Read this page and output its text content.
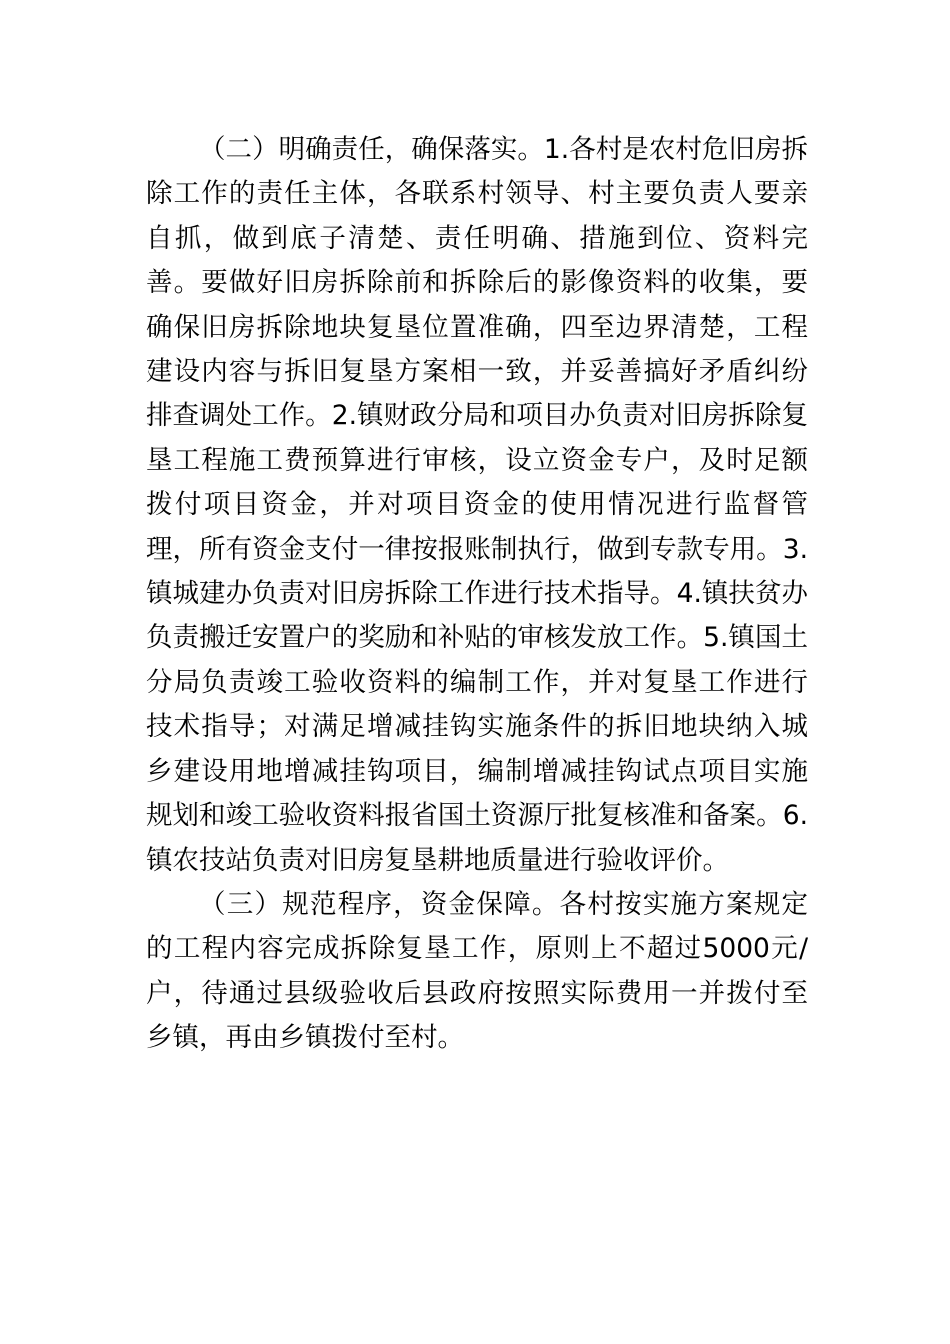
（二）明确责任，确保落实。1.各村是农村危旧房拆除工作的责任主体，各联系村领导、村主要负责人要亲自抓，做到底子清楚、责任明确、措施到位、资料完善。要做好旧房拆除前和拆除后的影像资料的收集，要确保旧房拆除地块复垦位置准确，四至边界清楚，工程建设内容与拆旧复垦方案相一致，并妥善搞好矛盾纠纷排查调处工作。2.镇财政分局和项目办负责对旧房拆除复垦工程施工费预算进行审核，设立资金专户，及时足额拨付项目资金，并对项目资金的使用情况进行监督管理，所有资金支付一律按报账制执行，做到专款专用。3.镇城建办负责对旧房拆除工作进行技术指导。4.镇扶贫办负责搬迁安置户的奖励和补贴的审核发放工作。5.镇国土分局负责竣工验收资料的编制工作，并对复垦工作进行技术指导；对满足增减挂钩实施条件的拆旧地块纳入城乡建设用地增减挂钩项目，编制增减挂钩试点项目实施规划和竣工验收资料报省国土资源厅批复核准和备案。6.镇农技站负责对旧房复垦耕地质量进行验收评价。

（三）规范程序，资金保障。各村按实施方案规定的工程内容完成拆除复垦工作，原则上不超过5000元/户，待通过县级验收后县政府按照实际费用一并拨付至乡镇，再由乡镇拨付至村。
